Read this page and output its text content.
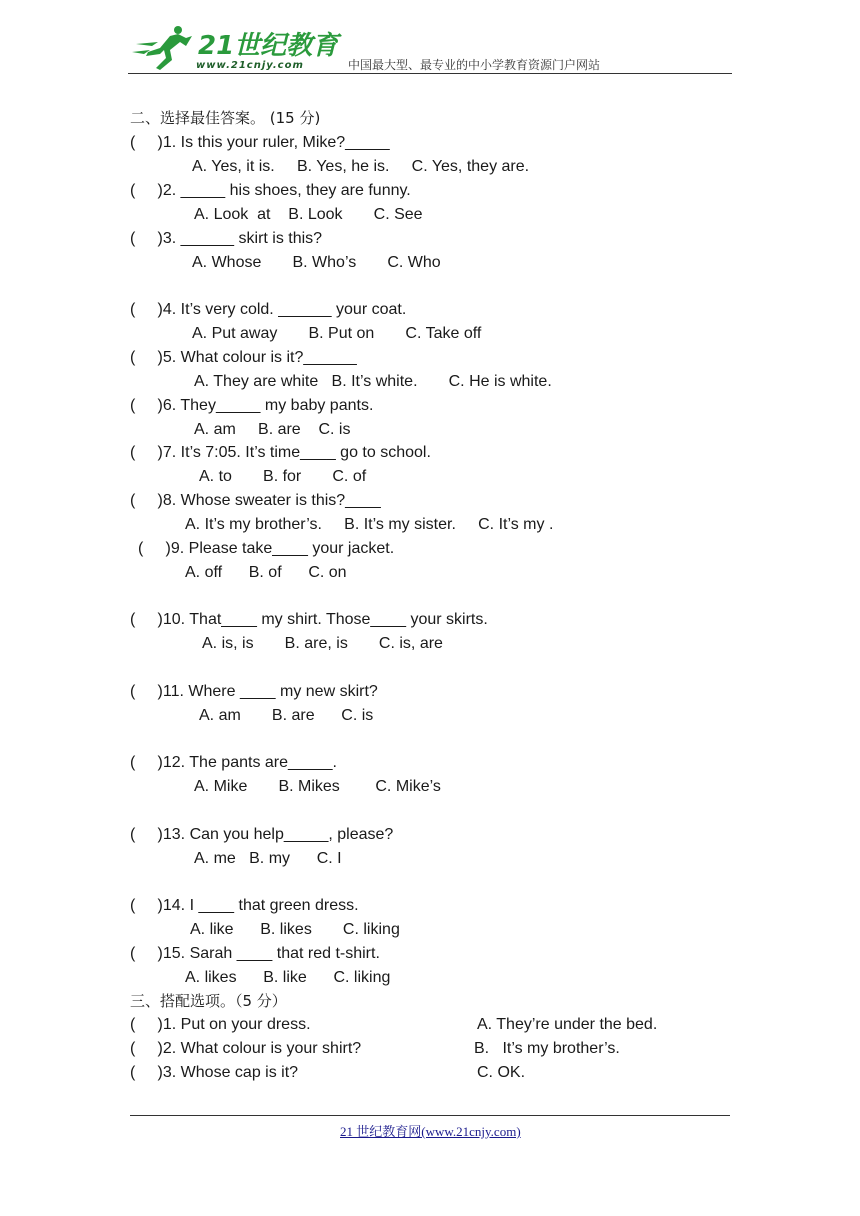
21世纪教育
www.21cnjy.com	中国最大型、最专业的中小学教育资源门户网站
二、选择最佳答案。 (15 分)
(     )1. Is this your ruler, Mike?_____
A. Yes, it is.     B. Yes, he is.     C. Yes, they are.
(     )2. _____ his shoes, they are funny.
A. Look  at    B. Look       C. See
(     )3. ______ skirt is this?
A. Whose       B. Who’s       C. Who
(     )4. It’s very cold. ______ your coat.
A. Put away       B. Put on       C. Take off
(     )5. What colour is it?______
A. They are white   B. It’s white.       C. He is white.
(     )6. They_____ my baby pants.
A. am     B. are    C. is
(     )7. It’s 7:05. It’s time____ go to school.
A. to       B. for       C. of
(     )8. Whose sweater is this?____
A. It’s my brother’s.     B. It’s my sister.     C. It’s my .
(     )9. Please take____ your jacket.
A. off      B. of      C. on
(     )10. That____ my shirt. Those____ your skirts.
A. is, is       B. are, is       C. is, are
(     )11. Where ____ my new skirt?
A. am       B. are      C. is
(     )12. The pants are_____.
A. Mike       B. Mikes        C. Mike’s
(     )13. Can you help_____, please?
A. me   B. my      C. I
(     )14. I ____ that green dress.
A. like      B. likes       C. liking
(     )15. Sarah ____ that red t-shirt.
A. likes      B. like      C. liking
三、搭配选项。（5 分）
(     )1. Put on your dress.	A. They’re under the bed.
(     )2. What colour is your shirt?	B.   It’s my brother’s.
(     )3. Whose cap is it?	C. OK.
21 世纪教育网(www.21cnjy.com)
